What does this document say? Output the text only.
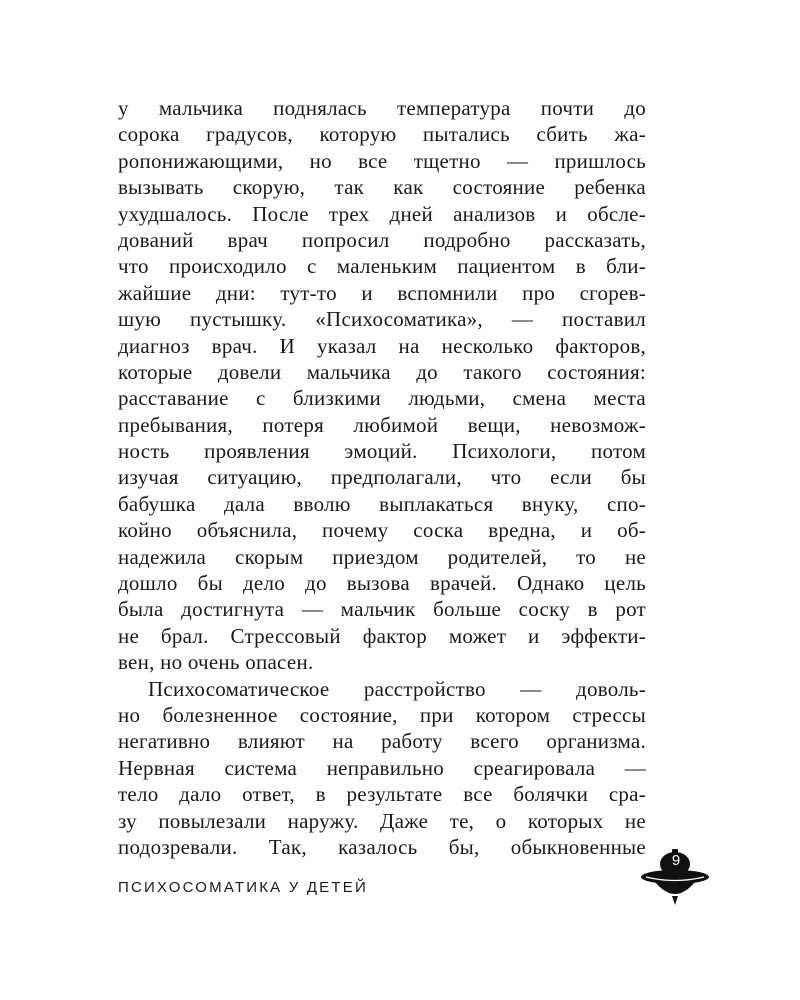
у мальчика поднялась температура почти до
сорока градусов, которую пытались сбить жа-
ропонижающими, но все тщетно — пришлось
вызывать скорую, так как состояние ребенка
ухудшалось. После трех дней анализов и обсле-
дований врач попросил подробно рассказать,
что происходило с маленьким пациентом в бли-
жайшие дни: тут-то и вспомнили про сгорев-
шую пустышку. «Психосоматика», — поставил
диагноз врач. И указал на несколько факторов,
которые довели мальчика до такого состояния:
расставание с близкими людьми, смена места
пребывания, потеря любимой вещи, невозмож-
ность проявления эмоций. Психологи, потом
изучая ситуацию, предполагали, что если бы
бабушка дала вволю выплакаться внуку, спо-
койно объяснила, почему соска вредна, и об-
надежила скорым приездом родителей, то не
дошло бы дело до вызова врачей. Однако цель
была достигнута — мальчик больше соску в рот
не брал. Стрессовый фактор может и эффекти-
вен, но очень опасен.
Психосоматическое расстройство — доволь-
но болезненное состояние, при котором стрессы
негативно влияют на работу всего организма.
Нервная система неправильно среагировала —
тело дало ответ, в результате все болячки сра-
зу повылезали наружу. Даже те, о которых не
подозревали. Так, казалось бы, обыкновенные
ПСИХОСОМАТИКА У ДЕТЕЙ
9
